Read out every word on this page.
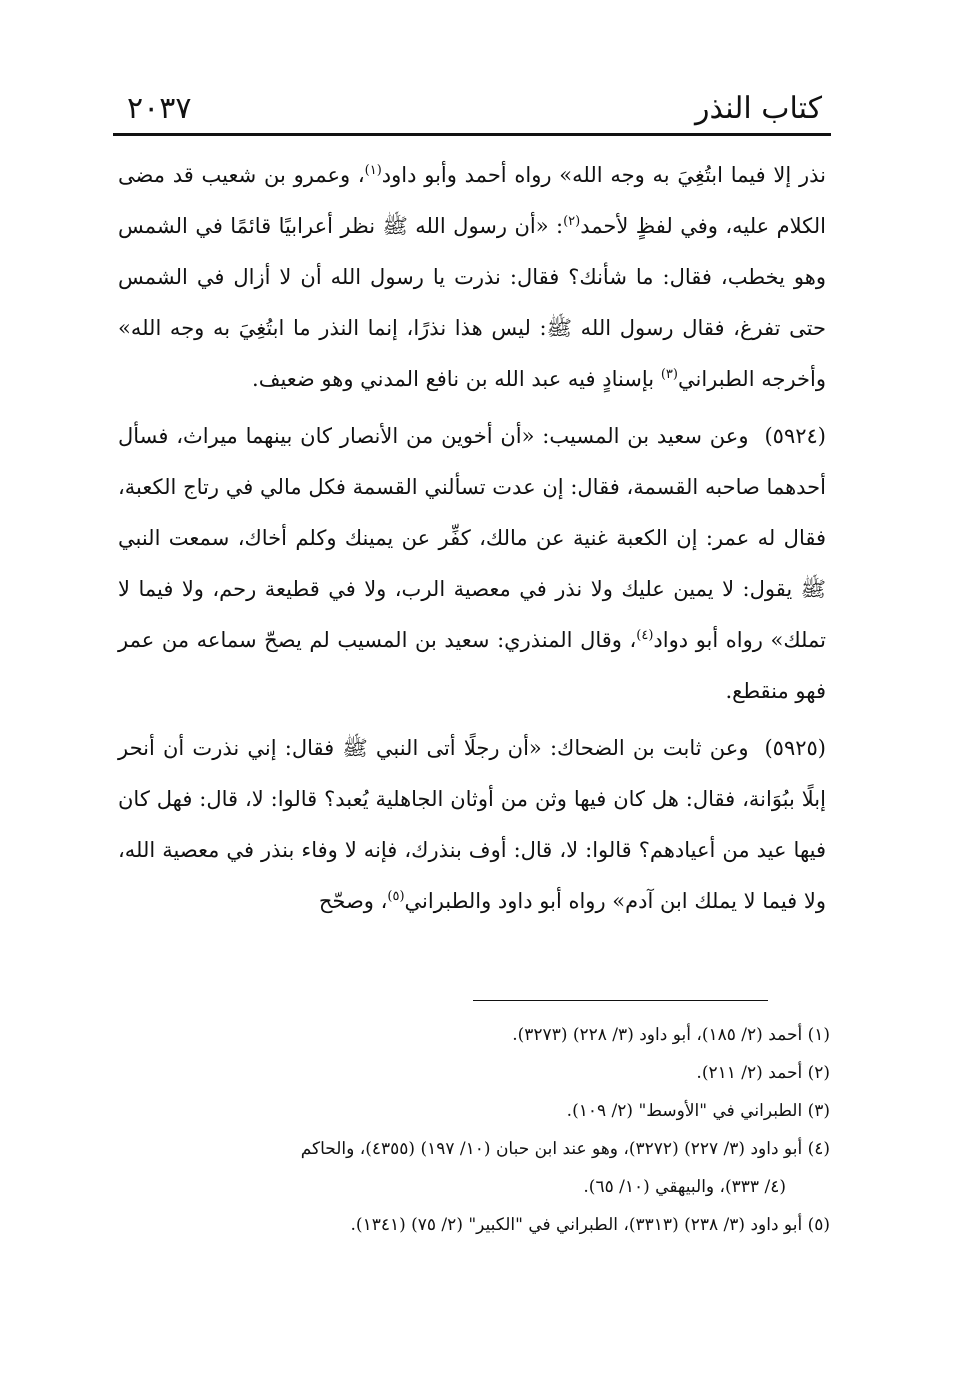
كتاب النذر
٢٠٣٧

نذر إلا فيما ابتُغِيَ به وجه الله» رواه أحمد وأبو داود$^{(١)}$، وعمرو بن شعيب قد مضى الكلام عليه، وفي لفظٍ لأحمد$^{(٢)}$: «أن رسول الله ﷺ نظر أعرابيًا قائمًا في الشمس وهو يخطب، فقال: ما شأنك؟ فقال: نذرت يا رسول الله أن لا أزال في الشمس حتى تفرغ، فقال رسول الله ﷺ: ليس هذا نذرًا، إنما النذر ما ابتُغِيَ به وجه الله» وأخرجه الطبراني$^{(٣)}$ بإسنادٍ فيه عبد الله بن نافع المدني وهو ضعيف.

(٥٩٢٤)وعن سعيد بن المسيب: «أن أخوين من الأنصار كان بينهما ميراث، فسأل أحدهما صاحبه القسمة، فقال: إن عدت تسألني القسمة فكل مالي في رتاج الكعبة، فقال له عمر: إن الكعبة غنية عن مالك، كفِّر عن يمينك وكلم أخاك، سمعت النبي ﷺ يقول: لا يمين عليك ولا نذر في معصية الرب، ولا في قطيعة رحم، ولا فيما لا تملك» رواه أبو دواد$^{(٤)}$، وقال المنذري: سعيد بن المسيب لم يصحّ سماعه من عمر فهو منقطع.

(٥٩٢٥)وعن ثابت بن الضحاك: «أن رجلًا أتى النبي ﷺ فقال: إني نذرت أن أنحر إبلًا ببُوَانة، فقال: هل كان فيها وثن من أوثان الجاهلية يُعبد؟ قالوا: لا، قال: فهل كان فيها عيد من أعيادهم؟ قالوا: لا، قال: أوف بنذرك، فإنه لا وفاء بنذر في معصية الله، ولا فيما لا يملك ابن آدم» رواه أبو داود والطبراني$^{(٥)}$، وصحّح

(١) أحمد (٢/ ١٨٥)، أبو داود (٣/ ٢٢٨) (٣٢٧٣).

(٢) أحمد (٢/ ٢١١).

(٣) الطبراني في "الأوسط" (٢/ ١٠٩).

(٤) أبو داود (٣/ ٢٢٧) (٣٢٧٢)، وهو عند ابن حبان (١٠/ ١٩٧) (٤٣٥٥)، والحاكم

(٤/ ٣٣٣)، والبيهقي (١٠/ ٦٥).

(٥) أبو داود (٣/ ٢٣٨) (٣٣١٣)، الطبراني في "الكبير" (٢/ ٧٥) (١٣٤١).
